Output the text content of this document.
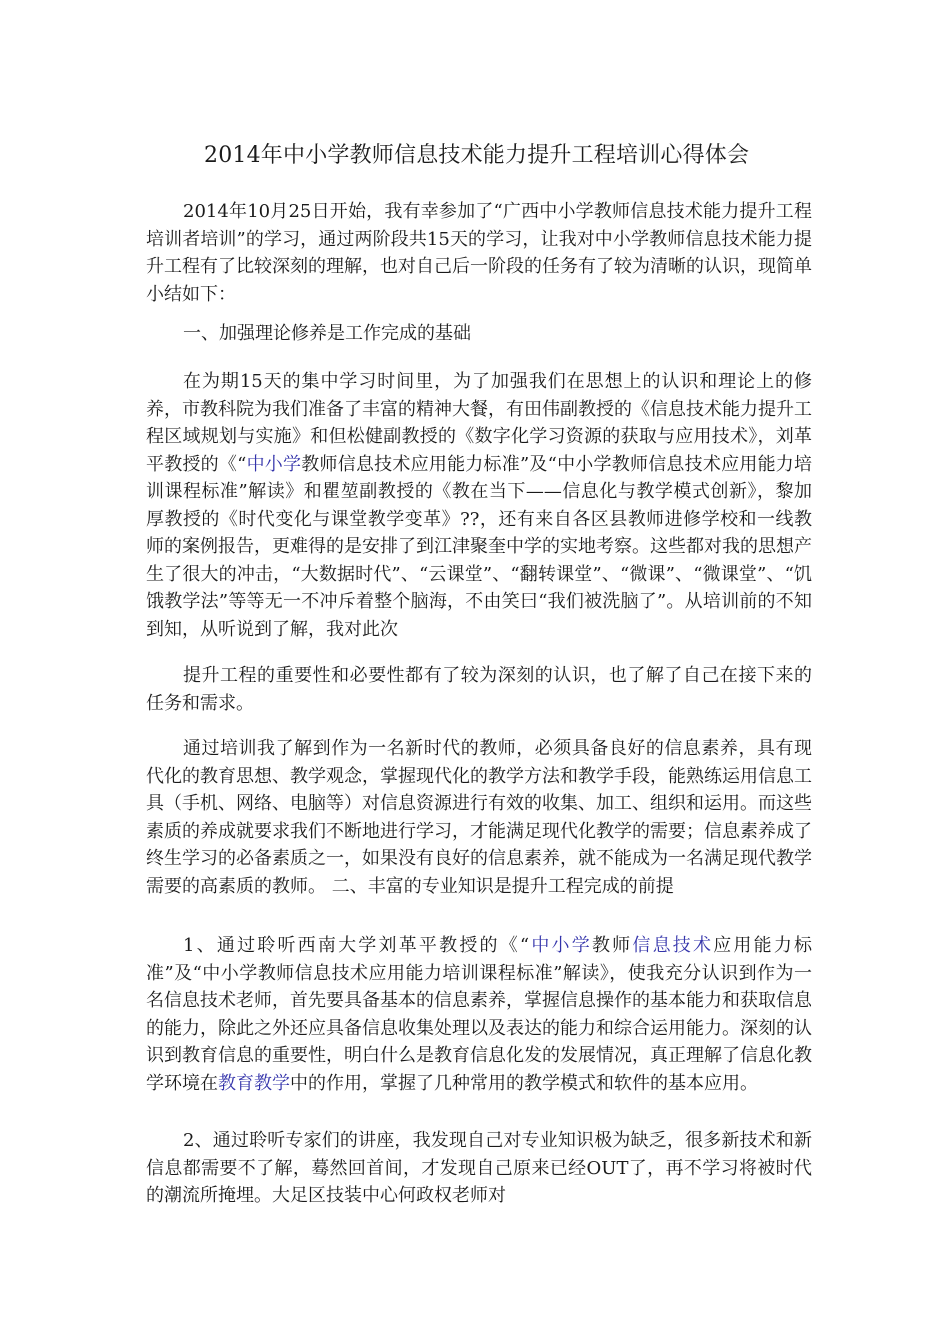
2014年中小学教师信息技术能力提升工程培训心得体会

2014年10月25日开始，我有幸参加了“广西中小学教师信息技术能力提升工程培训者培训”的学习，通过两阶段共15天的学习，让我对中小学教师信息技术能力提升工程有了比较深刻的理解，也对自己后一阶段的任务有了较为清晰的认识，现简单小结如下：

一、加强理论修养是工作完成的基础

在为期15天的集中学习时间里，为了加强我们在思想上的认识和理论上的修养，市教科院为我们准备了丰富的精神大餐，有田伟副教授的《信息技术能力提升工程区域规划与实施》和但松健副教授的《数字化学习资源的获取与应用技术》，刘革平教授的《“中小学教师信息技术应用能力标准”及“中小学教师信息技术应用能力培训课程标准”解读》和瞿堃副教授的《教在当下——信息化与教学模式创新》，黎加厚教授的《时代变化与课堂教学变革》??，还有来自各区县教师进修学校和一线教师的案例报告，更难得的是安排了到江津聚奎中学的实地考察。这些都对我的思想产生了很大的冲击，“大数据时代”、“云课堂”、“翻转课堂”、“微课”、“微课堂”、“饥饿教学法”等等无一不冲斥着整个脑海，不由笑曰“我们被洗脑了”。从培训前的不知到知，从听说到了解，我对此次

提升工程的重要性和必要性都有了较为深刻的认识，也了解了自己在接下来的任务和需求。

通过培训我了解到作为一名新时代的教师，必须具备良好的信息素养，具有现代化的教育思想、教学观念，掌握现代化的教学方法和教学手段，能熟练运用信息工具（手机、网络、电脑等）对信息资源进行有效的收集、加工、组织和运用。而这些素质的养成就要求我们不断地进行学习，才能满足现代化教学的需要；信息素养成了终生学习的必备素质之一，如果没有良好的信息素养，就不能成为一名满足现代教学需要的高素质的教师。 二、丰富的专业知识是提升工程完成的前提

1、通过聆听西南大学刘革平教授的《“中小学教师信息技术应用能力标准”及“中小学教师信息技术应用能力培训课程标准”解读》，使我充分认识到作为一名信息技术老师，首先要具备基本的信息素养，掌握信息操作的基本能力和获取信息的能力，除此之外还应具备信息收集处理以及表达的能力和综合运用能力。深刻的认识到教育信息的重要性，明白什么是教育信息化发的发展情况，真正理解了信息化教学环境在教育教学中的作用，掌握了几种常用的教学模式和软件的基本应用。

2、通过聆听专家们的讲座，我发现自己对专业知识极为缺乏，很多新技术和新信息都需要不了解，蓦然回首间，才发现自己原来已经OUT了，再不学习将被时代的潮流所掩埋。大足区技装中心何政权老师对
